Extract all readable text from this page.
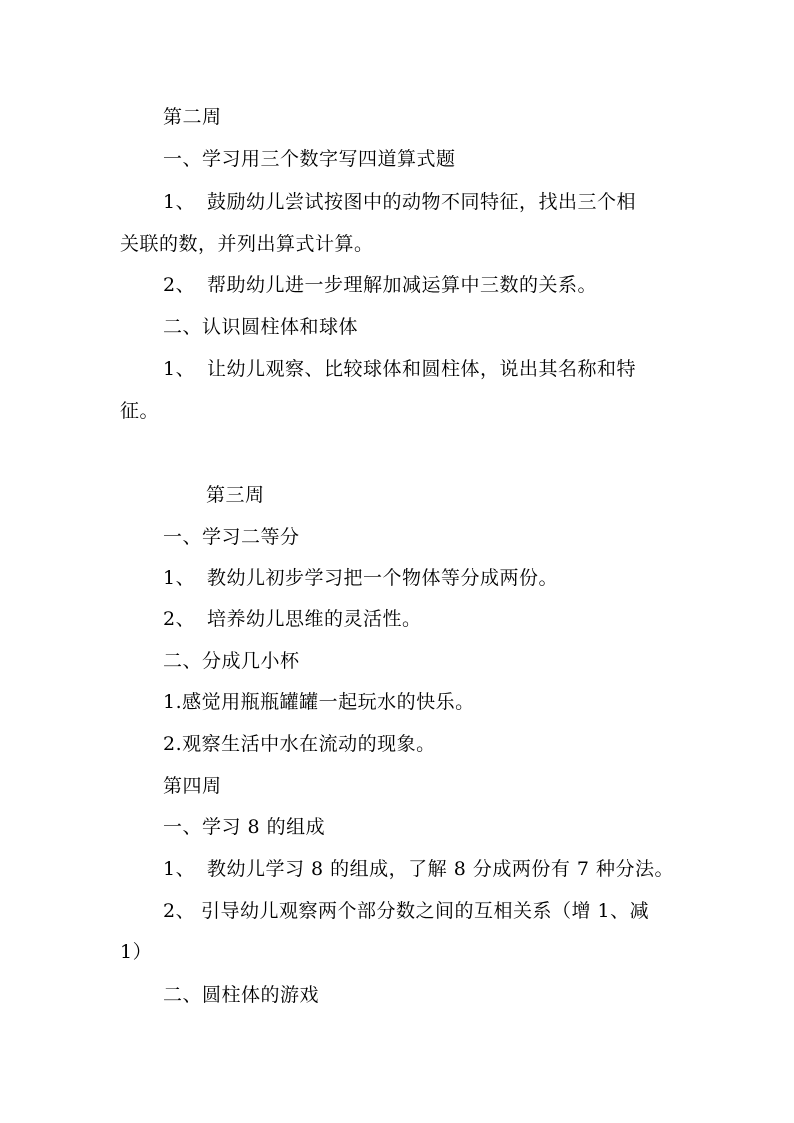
第二周
一、学习用三个数字写四道算式题
1、 鼓励幼儿尝试按图中的动物不同特征，找出三个相
关联的数，并列出算式计算。
2、 帮助幼儿进一步理解加减运算中三数的关系。
二、认识圆柱体和球体
1、 让幼儿观察、比较球体和圆柱体，说出其名称和特
征。
第三周
一、学习二等分
1、 教幼儿初步学习把一个物体等分成两份。
2、 培养幼儿思维的灵活性。
二、分成几小杯
1.感觉用瓶瓶罐罐一起玩水的快乐。
2.观察生活中水在流动的现象。
第四周
一、学习 8 的组成
1、 教幼儿学习 8 的组成，了解 8 分成两份有 7 种分法。
2、 引导幼儿观察两个部分数之间的互相关系（增 1、减
1）
二、圆柱体的游戏
